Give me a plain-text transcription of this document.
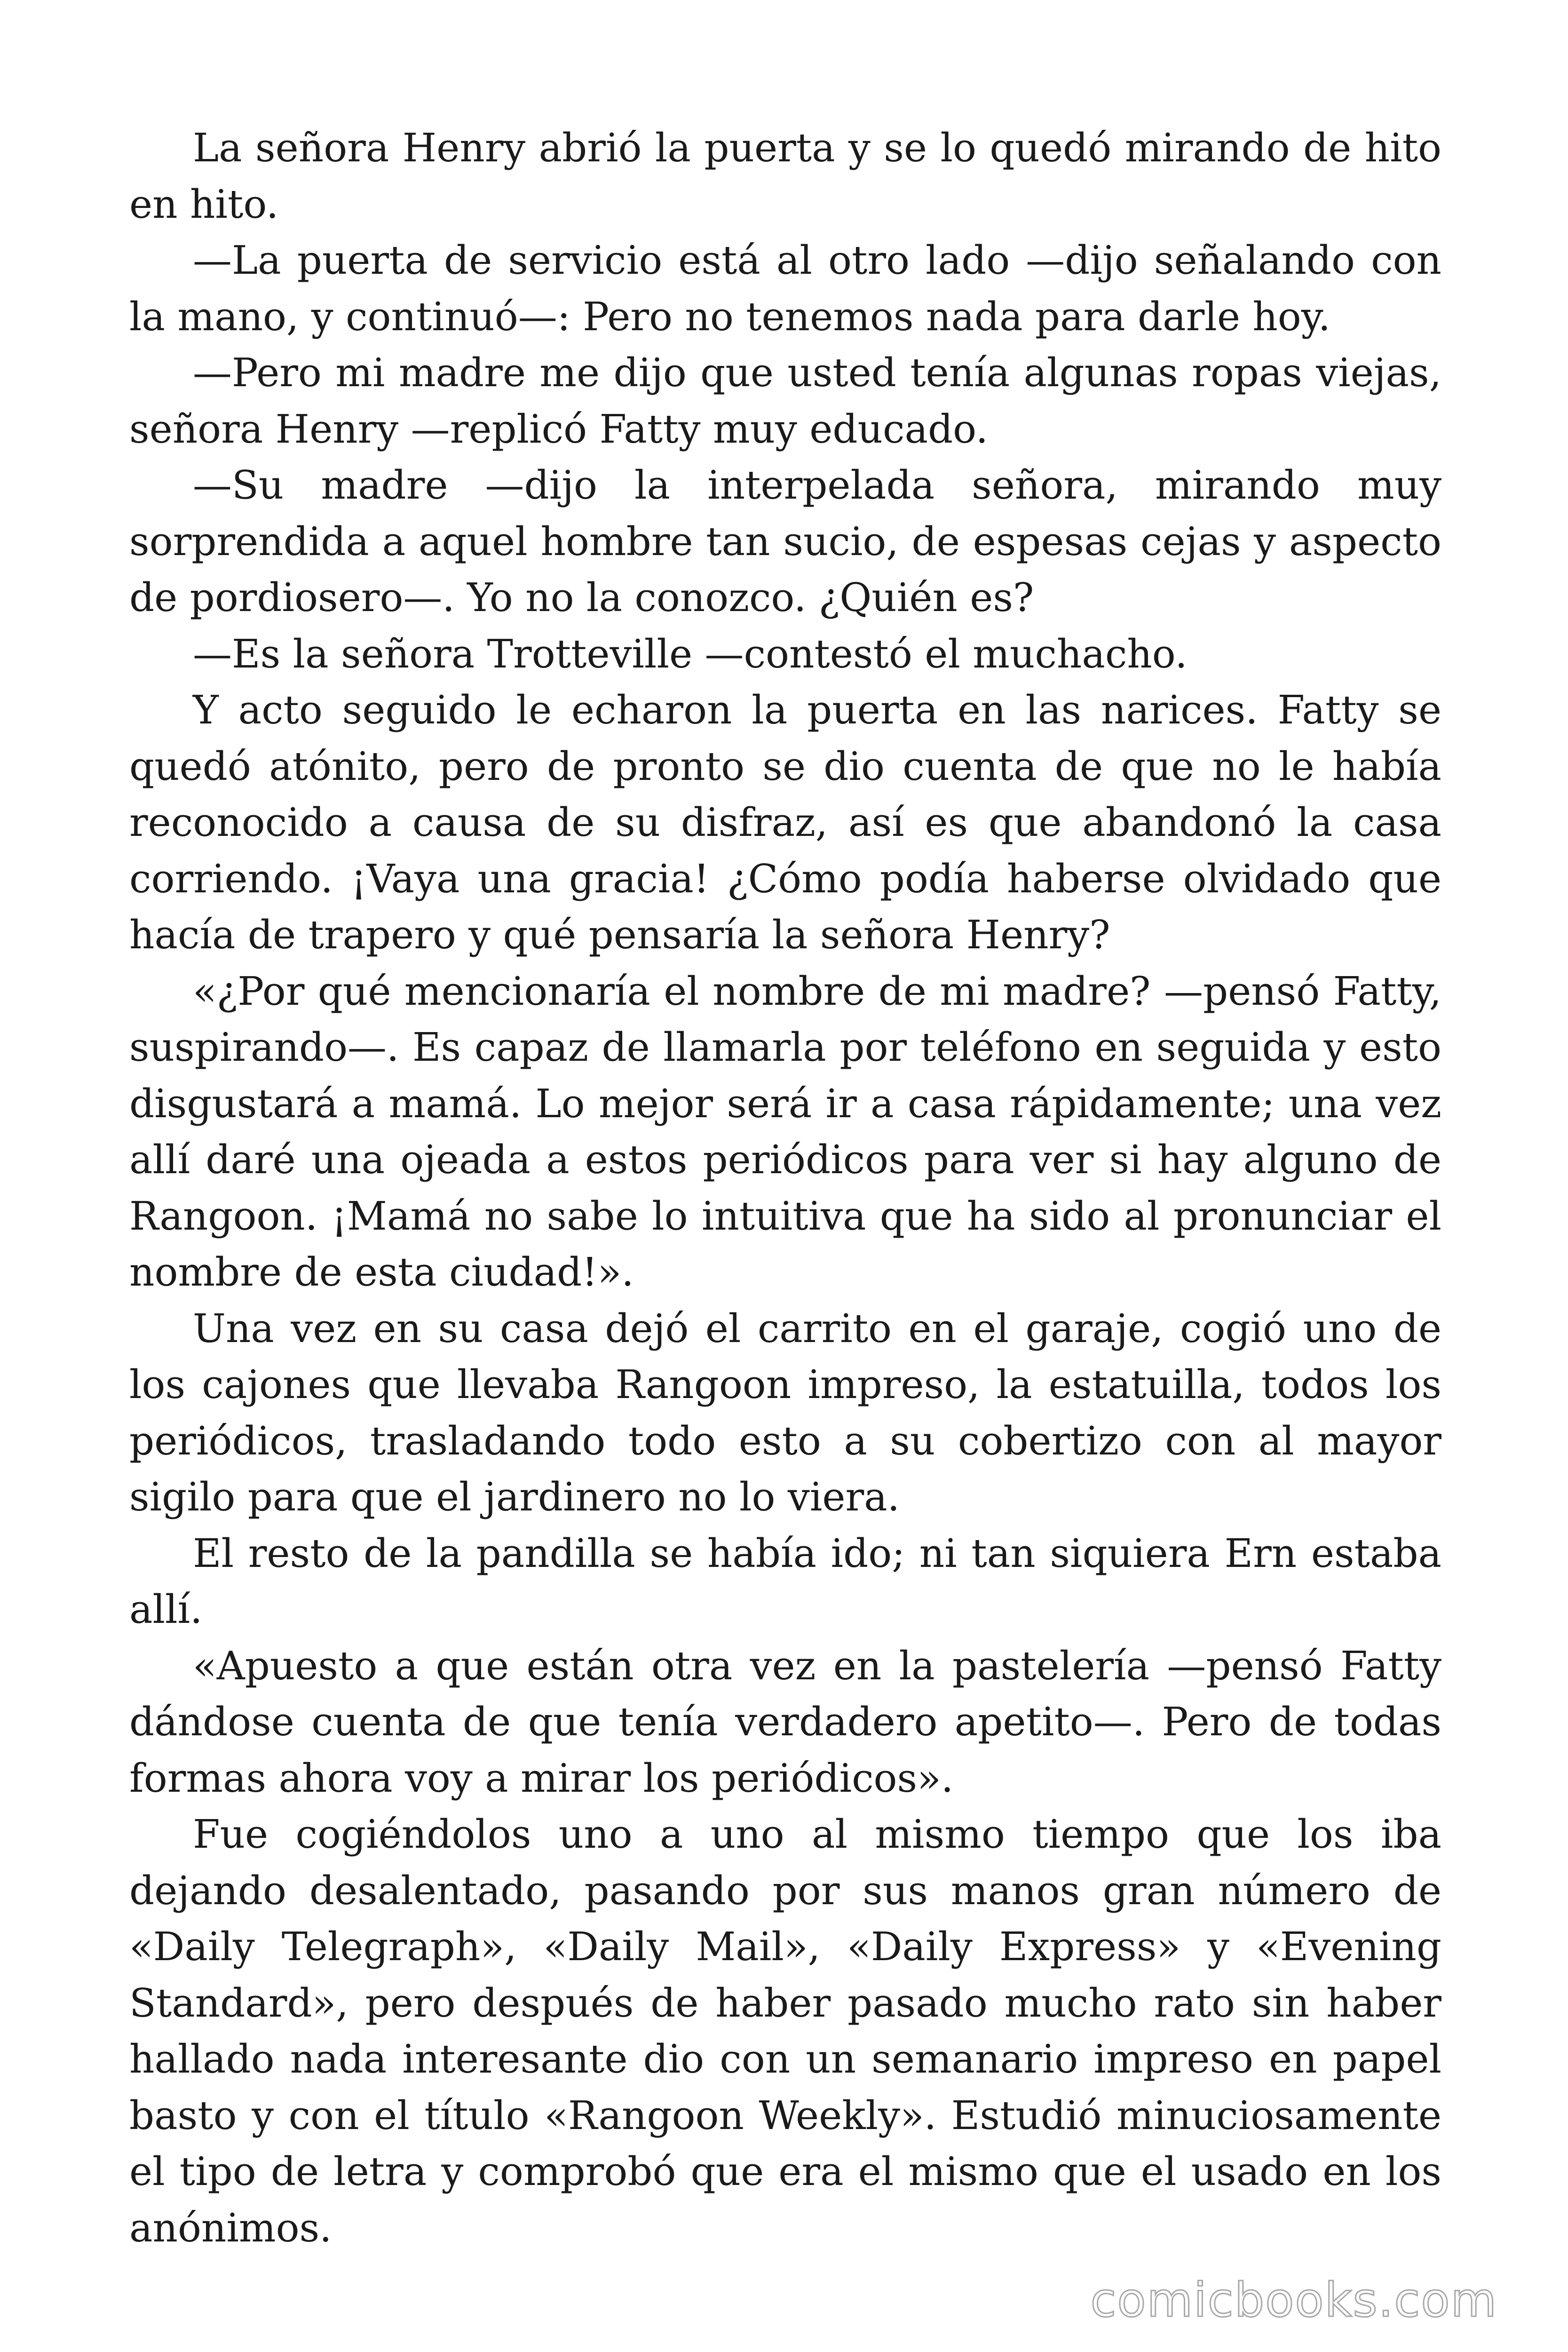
La señora Henry abrió la puerta y se lo quedó mirando de hito en hito.

—La puerta de servicio está al otro lado —dijo señalando con la mano, y continuó—: Pero no tenemos nada para darle hoy.

—Pero mi madre me dijo que usted tenía algunas ropas viejas, señora Henry —replicó Fatty muy educado.

—Su madre —dijo la interpelada señora, mirando muy sorprendida a aquel hombre tan sucio, de espesas cejas y aspecto de pordiosero—. Yo no la conozco. ¿Quién es?

—Es la señora Trotteville —contestó el muchacho.

Y acto seguido le echaron la puerta en las narices. Fatty se quedó atónito, pero de pronto se dio cuenta de que no le había reconocido a causa de su disfraz, así es que abandonó la casa corriendo. ¡Vaya una gracia! ¿Cómo podía haberse olvidado que hacía de trapero y qué pensaría la señora Henry?

«¿Por qué mencionaría el nombre de mi madre? —pensó Fatty, suspirando—. Es capaz de llamarla por teléfono en seguida y esto disgustará a mamá. Lo mejor será ir a casa rápidamente; una vez allí daré una ojeada a estos periódicos para ver si hay alguno de Rangoon. ¡Mamá no sabe lo intuitiva que ha sido al pronunciar el nombre de esta ciudad!».

Una vez en su casa dejó el carrito en el garaje, cogió uno de los cajones que llevaba Rangoon impreso, la estatuilla, todos los periódicos, trasladando todo esto a su cobertizo con al mayor sigilo para que el jardinero no lo viera.

El resto de la pandilla se había ido; ni tan siquiera Ern estaba allí.

«Apuesto a que están otra vez en la pastelería —pensó Fatty dándose cuenta de que tenía verdadero apetito—. Pero de todas formas ahora voy a mirar los periódicos».

Fue cogiéndolos uno a uno al mismo tiempo que los iba dejando desalentado, pasando por sus manos gran número de «Daily Telegraph», «Daily Mail», «Daily Express» y «Evening Standard», pero después de haber pasado mucho rato sin haber hallado nada interesante dio con un semanario impreso en papel basto y con el título «Rangoon Weekly». Estudió minuciosamente el tipo de letra y comprobó que era el mismo que el usado en los anónimos.

comicbooks.com
